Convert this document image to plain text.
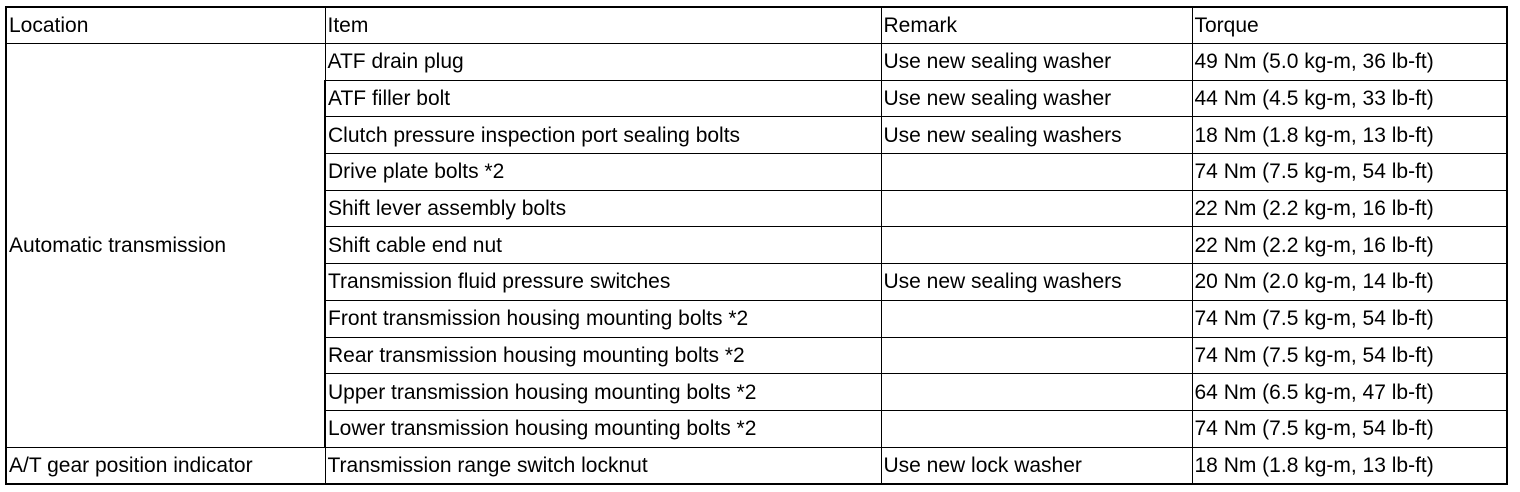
Location	Item	Remark	Torque
Automatic transmission	ATF drain plug	Use new sealing washer	49 Nm (5.0 kg-m, 36 lb-ft)
	ATF filler bolt	Use new sealing washer	44 Nm (4.5 kg-m, 33 lb-ft)
	Clutch pressure inspection port sealing bolts	Use new sealing washers	18 Nm (1.8 kg-m, 13 lb-ft)
	Drive plate bolts *2		74 Nm (7.5 kg-m, 54 lb-ft)
	Shift lever assembly bolts		22 Nm (2.2 kg-m, 16 lb-ft)
	Shift cable end nut		22 Nm (2.2 kg-m, 16 lb-ft)
	Transmission fluid pressure switches	Use new sealing washers	20 Nm (2.0 kg-m, 14 lb-ft)
	Front transmission housing mounting bolts *2		74 Nm (7.5 kg-m, 54 lb-ft)
	Rear transmission housing mounting bolts *2		74 Nm (7.5 kg-m, 54 lb-ft)
	Upper transmission housing mounting bolts *2		64 Nm (6.5 kg-m, 47 lb-ft)
	Lower transmission housing mounting bolts *2		74 Nm (7.5 kg-m, 54 lb-ft)
A/T gear position indicator	Transmission range switch locknut	Use new lock washer	18 Nm (1.8 kg-m, 13 lb-ft)
